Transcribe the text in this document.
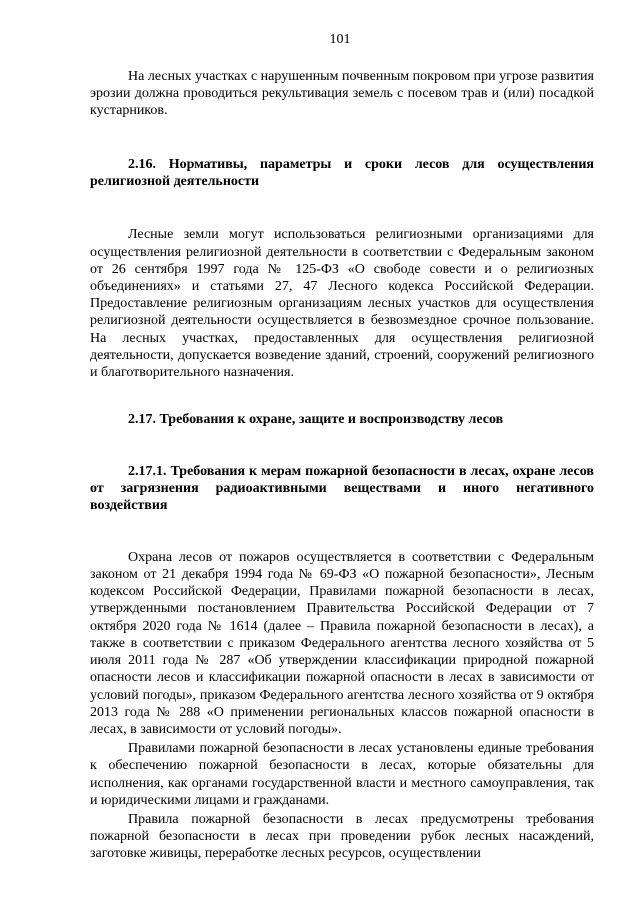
101

На лесных участках с нарушенным почвенным покровом при угрозе развития эрозии должна проводиться рекультивация земель с посевом трав и (или) посадкой кустарников.

2.16. Нормативы, параметры и сроки лесов для осуществления религиозной деятельности

Лесные земли могут использоваться религиозными организациями для осуществления религиозной деятельности в соответствии с Федеральным законом от 26 сентября 1997 года № 125-ФЗ «О свободе совести и о религиозных объединениях» и статьями 27, 47 Лесного кодекса Российской Федерации. Предоставление религиозным организациям лесных участков для осуществления религиозной деятельности осуществляется в безвозмездное срочное пользование. На лесных участках, предоставленных для осуществления религиозной деятельности, допускается возведение зданий, строений, сооружений религиозного и благотворительного назначения.

2.17. Требования к охране, защите и воспроизводству лесов
2.17.1. Требования к мерам пожарной безопасности в лесах, охране лесов от загрязнения радиоактивными веществами и иного негативного воздействия

Охрана лесов от пожаров осуществляется в соответствии с Федеральным законом от 21 декабря 1994 года № 69-ФЗ «О пожарной безопасности», Лесным кодексом Российской Федерации, Правилами пожарной безопасности в лесах, утвержденными постановлением Правительства Российской Федерации от 7 октября 2020 года № 1614 (далее – Правила пожарной безопасности в лесах), а также в соответствии с приказом Федерального агентства лесного хозяйства от 5 июля 2011 года № 287 «Об утверждении классификации природной пожарной опасности лесов и классификации пожарной опасности в лесах в зависимости от условий погоды», приказом Федерального агентства лесного хозяйства от 9 октября 2013 года № 288 «О применении региональных классов пожарной опасности в лесах, в зависимости от условий погоды».

Правилами пожарной безопасности в лесах установлены единые требования к обеспечению пожарной безопасности в лесах, которые обязательны для исполнения, как органами государственной власти и местного самоуправления, так и юридическими лицами и гражданами.

Правила пожарной безопасности в лесах предусмотрены требования пожарной безопасности в лесах при проведении рубок лесных насаждений, заготовке живицы, переработке лесных ресурсов, осуществлении
